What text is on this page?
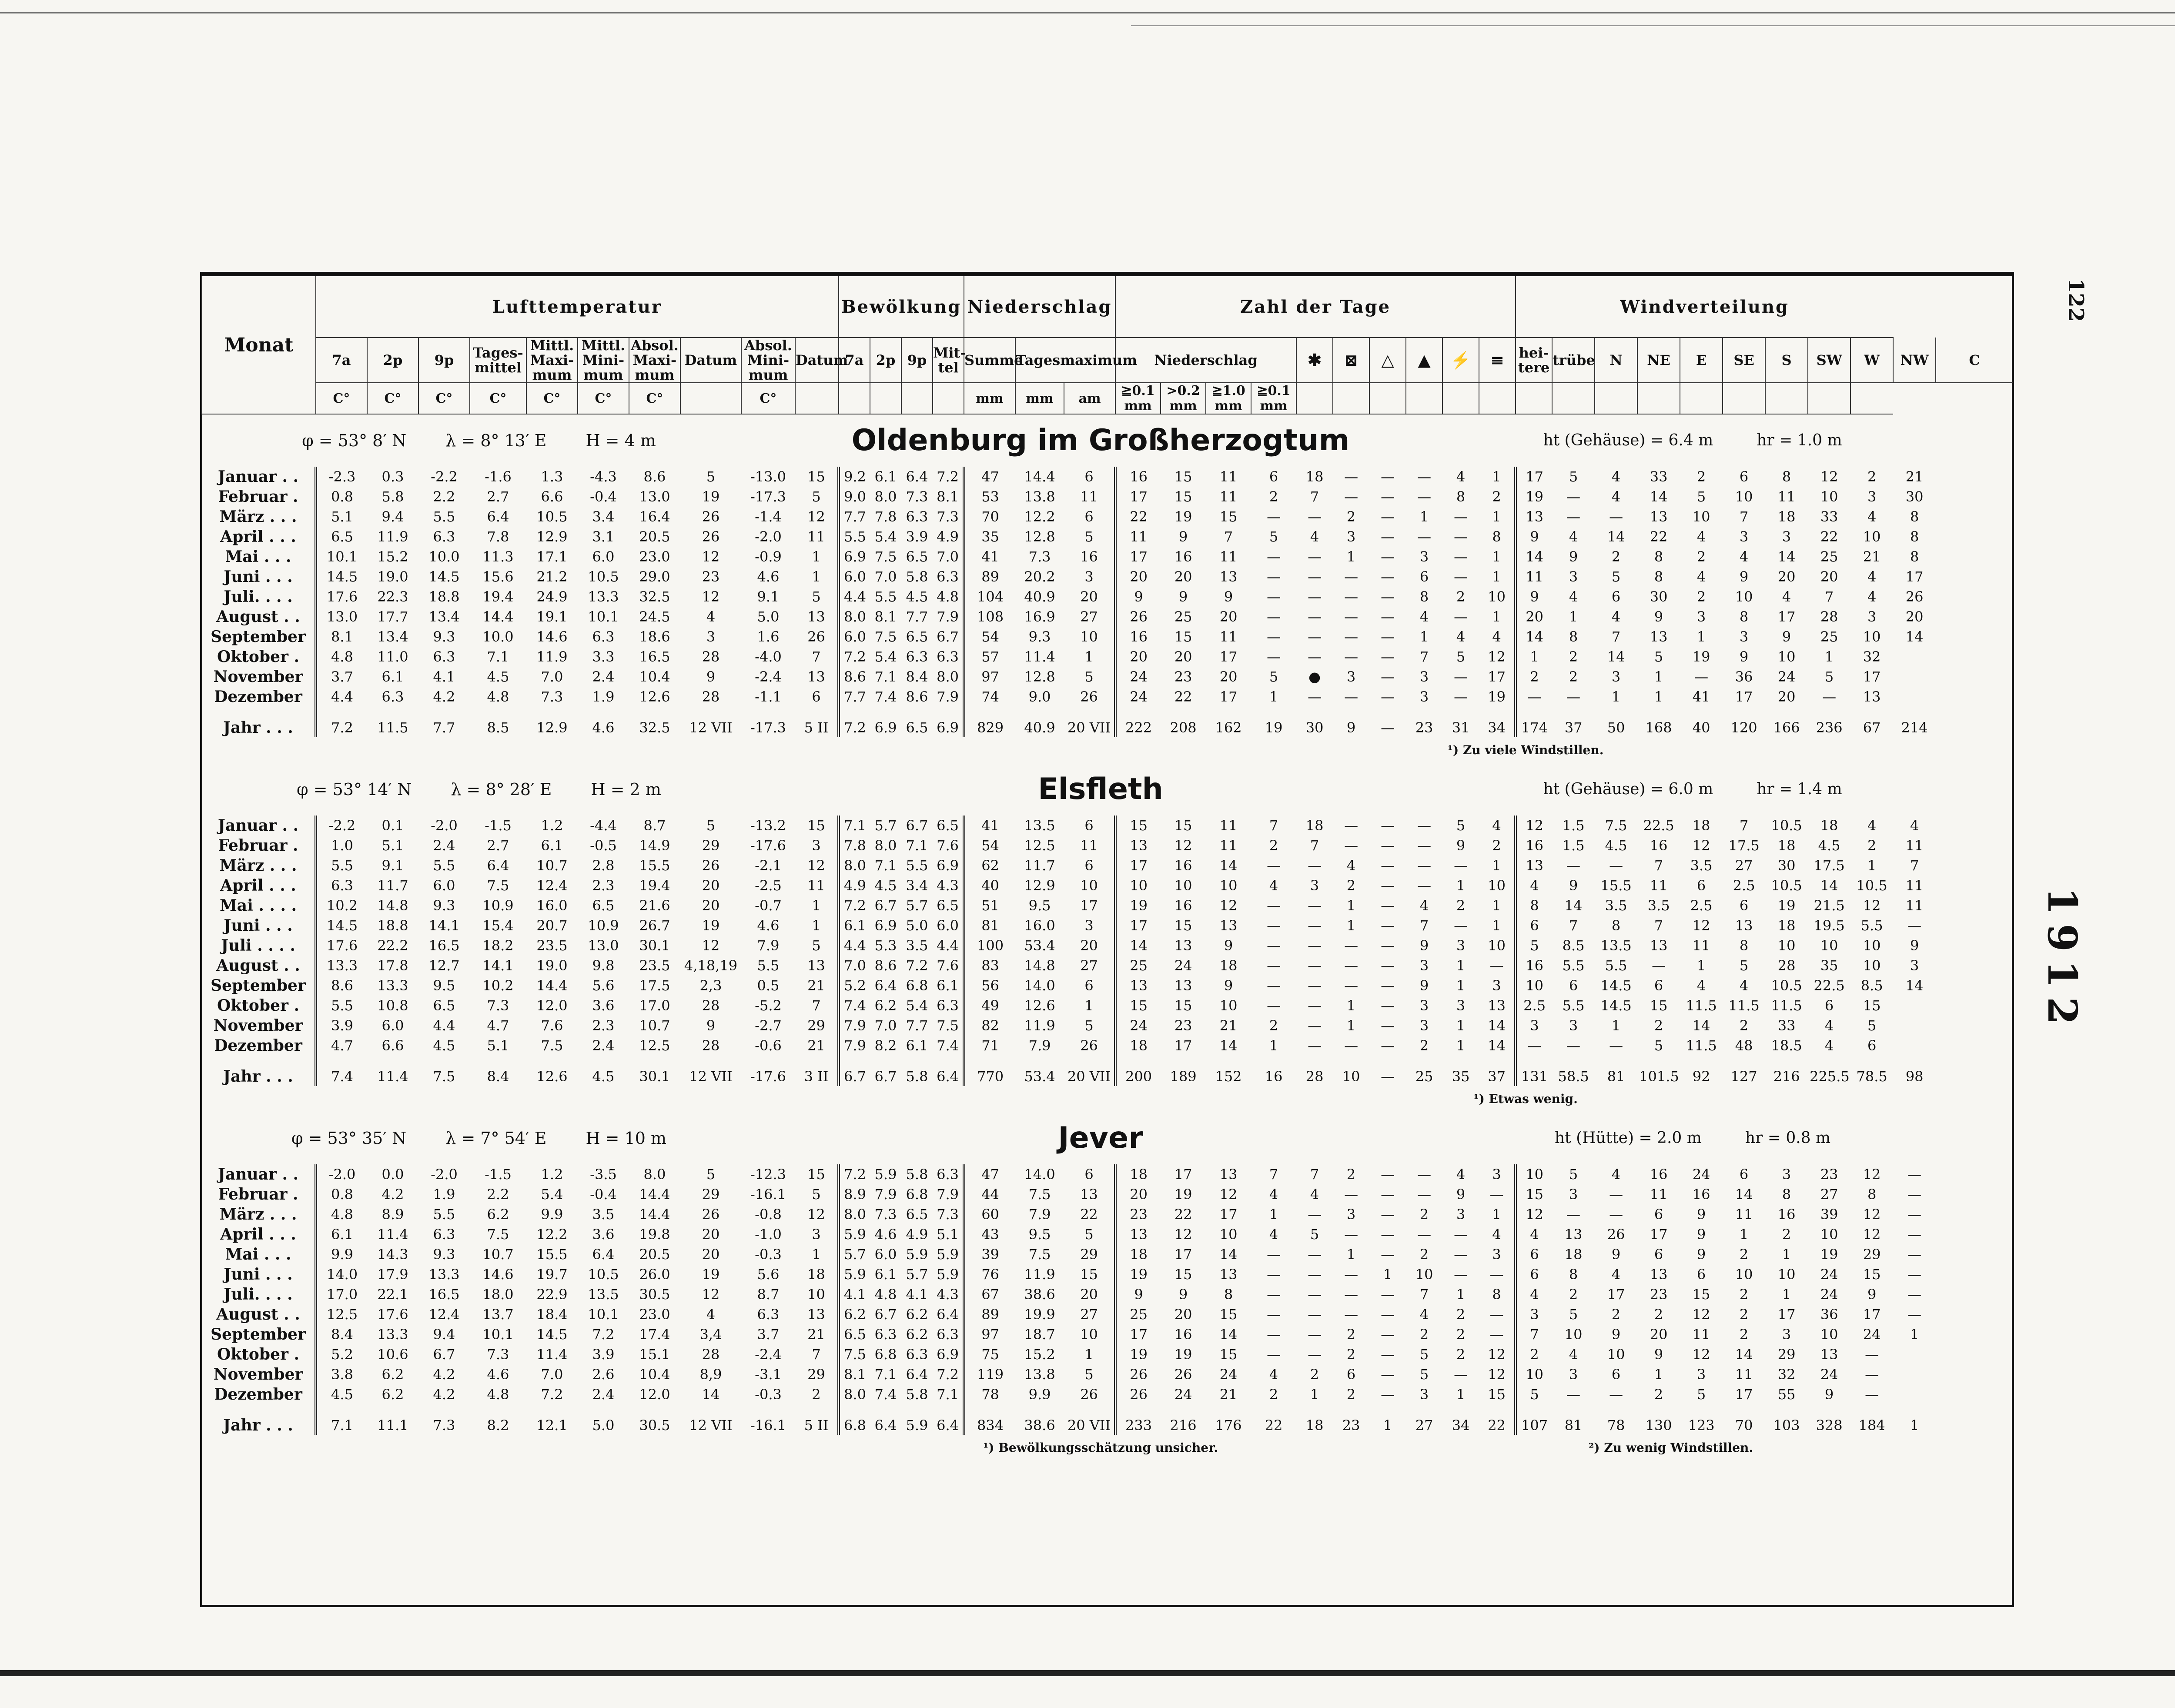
122
1912
Monat	Lufttemperatur										Bewölkung				Niederschlag			Zahl der Tage										Windverteilung										
	7a	2p	9p	Tages-mittel	Mittl. Maxi-mum	Mittl. Mini-mum	Absol. Maxi-mum	Datum	Absol. Mini-mum	Datum	7a	2p	9p	Mit-tel	Summe	Tagesmaximum		Niederschlag				✱	⊠	△	▲	⚡	≡	hei-tere	trübe	N	NE	E	SE	S	SW	W	NW	C
	C°	C°	C°	C°	C°	C°	C°		C°						mm	mm	am	≧0.1 mm	>0.2 mm	≧1.0 mm	≧0.1 mm																	
φ = 53° 8′ N λ = 8° 13′ E H = 4 m										Oldenburg im Großherzogtum															ht (Gehäuse) = 6.4 m hr = 1.0 m													
Januar . .	-2.3	0.3	-2.2	-1.6	1.3	-4.3	8.6	5	-13.0	15	9.2	6.1	6.4	7.2	47	14.4	6	16	15	11	6	18	—	—	—	4	1	17	5	4	33	2	6	8	12	2	21	
Februar .	0.8	5.8	2.2	2.7	6.6	-0.4	13.0	19	-17.3	5	9.0	8.0	7.3	8.1	53	13.8	11	17	15	11	2	7	—	—	—	8	2	19	—	4	14	5	10	11	10	3	30	
März . . .	5.1	9.4	5.5	6.4	10.5	3.4	16.4	26	-1.4	12	7.7	7.8	6.3	7.3	70	12.2	6	22	19	15	—	—	2	—	1	—	1	13	—	—	13	10	7	18	33	4	8	
April . . .	6.5	11.9	6.3	7.8	12.9	3.1	20.5	26	-2.0	11	5.5	5.4	3.9	4.9	35	12.8	5	11	9	7	5	4	3	—	—	—	8	9	4	14	22	4	3	3	22	10	8	
Mai . . .	10.1	15.2	10.0	11.3	17.1	6.0	23.0	12	-0.9	1	6.9	7.5	6.5	7.0	41	7.3	16	17	16	11	—	—	1	—	3	—	1	14	9	2	8	2	4	14	25	21	8	
Juni . . .	14.5	19.0	14.5	15.6	21.2	10.5	29.0	23	4.6	1	6.0	7.0	5.8	6.3	89	20.2	3	20	20	13	—	—	—	—	6	—	1	11	3	5	8	4	9	20	20	4	17	
Juli. . . .	17.6	22.3	18.8	19.4	24.9	13.3	32.5	12	9.1	5	4.4	5.5	4.5	4.8	104	40.9	20	9	9	9	—	—	—	—	8	2	10	9	4	6	30	2	10	4	7	4	26	
August . .	13.0	17.7	13.4	14.4	19.1	10.1	24.5	4	5.0	13	8.0	8.1	7.7	7.9	108	16.9	27	26	25	20	—	—	—	—	4	—	1	20	1	4	9	3	8	17	28	3	20	
September	8.1	13.4	9.3	10.0	14.6	6.3	18.6	3	1.6	26	6.0	7.5	6.5	6.7	54	9.3	10	16	15	11	—	—	—	—	1	4	4	14	8	7	13	1	3	9	25	10	14	
Oktober .	4.8	11.0	6.3	7.1	11.9	3.3	16.5	28	-4.0	7	7.2	5.4	6.3	6.3	57	11.4	1	20	20	17	—	—	—	—	7	5	12	1	2	14	5	19	9	10	1	32		
November	3.7	6.1	4.1	4.5	7.0	2.4	10.4	9	-2.4	13	8.6	7.1	8.4	8.0	97	12.8	5	24	23	20	5	●	3	—	3	—	17	2	2	3	1	—	36	24	5	17		
Dezember	4.4	6.3	4.2	4.8	7.3	1.9	12.6	28	-1.1	6	7.7	7.4	8.6	7.9	74	9.0	26	24	22	17	1	—	—	—	3	—	19	—	—	1	1	41	17	20	—	13		
Jahr . . .	7.2	11.5	7.7	8.5	12.9	4.6	32.5	12 VII	-17.3	5 II	7.2	6.9	6.5	6.9	829	40.9	20 VII	222	208	162	19	30	9	—	23	31	34	174	37	50	168	40	120	166	236	67	214	
																		¹) Zu viele Windstillen.																				
φ = 53° 14′ N λ = 8° 28′ E H = 2 m										Elsfleth															ht (Gehäuse) = 6.0 m hr = 1.4 m													
Januar . .	-2.2	0.1	-2.0	-1.5	1.2	-4.4	8.7	5	-13.2	15	7.1	5.7	6.7	6.5	41	13.5	6	15	15	11	7	18	—	—	—	5	4	12	1.5	7.5	22.5	18	7	10.5	18	4	4	
Februar .	1.0	5.1	2.4	2.7	6.1	-0.5	14.9	29	-17.6	3	7.8	8.0	7.1	7.6	54	12.5	11	13	12	11	2	7	—	—	—	9	2	16	1.5	4.5	16	12	17.5	18	4.5	2	11	
März . . .	5.5	9.1	5.5	6.4	10.7	2.8	15.5	26	-2.1	12	8.0	7.1	5.5	6.9	62	11.7	6	17	16	14	—	—	4	—	—	—	1	13	—	—	7	3.5	27	30	17.5	1	7	
April . . .	6.3	11.7	6.0	7.5	12.4	2.3	19.4	20	-2.5	11	4.9	4.5	3.4	4.3	40	12.9	10	10	10	10	4	3	2	—	—	1	10	4	9	15.5	11	6	2.5	10.5	14	10.5	11	
Mai . . . .	10.2	14.8	9.3	10.9	16.0	6.5	21.6	20	-0.7	1	7.2	6.7	5.7	6.5	51	9.5	17	19	16	12	—	—	1	—	4	2	1	8	14	3.5	3.5	2.5	6	19	21.5	12	11	
Juni . . .	14.5	18.8	14.1	15.4	20.7	10.9	26.7	19	4.6	1	6.1	6.9	5.0	6.0	81	16.0	3	17	15	13	—	—	1	—	7	—	1	6	7	8	7	12	13	18	19.5	5.5	—	
Juli . . . .	17.6	22.2	16.5	18.2	23.5	13.0	30.1	12	7.9	5	4.4	5.3	3.5	4.4	100	53.4	20	14	13	9	—	—	—	—	9	3	10	5	8.5	13.5	13	11	8	10	10	10	9	
August . .	13.3	17.8	12.7	14.1	19.0	9.8	23.5	4,18,19	5.5	13	7.0	8.6	7.2	7.6	83	14.8	27	25	24	18	—	—	—	—	3	1	—	16	5.5	5.5	—	1	5	28	35	10	3	
September	8.6	13.3	9.5	10.2	14.4	5.6	17.5	2,3	0.5	21	5.2	6.4	6.8	6.1	56	14.0	6	13	13	9	—	—	—	—	9	1	3	10	6	14.5	6	4	4	10.5	22.5	8.5	14	
Oktober .	5.5	10.8	6.5	7.3	12.0	3.6	17.0	28	-5.2	7	7.4	6.2	5.4	6.3	49	12.6	1	15	15	10	—	—	1	—	3	3	13	2.5	5.5	14.5	15	11.5	11.5	11.5	6	15		
November	3.9	6.0	4.4	4.7	7.6	2.3	10.7	9	-2.7	29	7.9	7.0	7.7	7.5	82	11.9	5	24	23	21	2	—	1	—	3	1	14	3	3	1	2	14	2	33	4	5		
Dezember	4.7	6.6	4.5	5.1	7.5	2.4	12.5	28	-0.6	21	7.9	8.2	6.1	7.4	71	7.9	26	18	17	14	1	—	—	—	2	1	14	—	—	—	5	11.5	48	18.5	4	6		
Jahr . . .	7.4	11.4	7.5	8.4	12.6	4.5	30.1	12 VII	-17.6	3 II	6.7	6.7	5.8	6.4	770	53.4	20 VII	200	189	152	16	28	10	—	25	35	37	131	58.5	81	101.5	92	127	216	225.5	78.5	98	
																		¹) Etwas wenig.																				
φ = 53° 35′ N λ = 7° 54′ E H = 10 m										Jever															ht (Hütte) = 2.0 m hr = 0.8 m													
Januar . .	-2.0	0.0	-2.0	-1.5	1.2	-3.5	8.0	5	-12.3	15	7.2	5.9	5.8	6.3	47	14.0	6	18	17	13	7	7	2	—	—	4	3	10	5	4	16	24	6	3	23	12	—	
Februar .	0.8	4.2	1.9	2.2	5.4	-0.4	14.4	29	-16.1	5	8.9	7.9	6.8	7.9	44	7.5	13	20	19	12	4	4	—	—	—	9	—	15	3	—	11	16	14	8	27	8	—	
März . . .	4.8	8.9	5.5	6.2	9.9	3.5	14.4	26	-0.8	12	8.0	7.3	6.5	7.3	60	7.9	22	23	22	17	1	—	3	—	2	3	1	12	—	—	6	9	11	16	39	12	—	
April . . .	6.1	11.4	6.3	7.5	12.2	3.6	19.8	20	-1.0	3	5.9	4.6	4.9	5.1	43	9.5	5	13	12	10	4	5	—	—	—	—	4	4	13	26	17	9	1	2	10	12	—	
Mai . . .	9.9	14.3	9.3	10.7	15.5	6.4	20.5	20	-0.3	1	5.7	6.0	5.9	5.9	39	7.5	29	18	17	14	—	—	1	—	2	—	3	6	18	9	6	9	2	1	19	29	—	
Juni . . .	14.0	17.9	13.3	14.6	19.7	10.5	26.0	19	5.6	18	5.9	6.1	5.7	5.9	76	11.9	15	19	15	13	—	—	—	1	10	—	—	6	8	4	13	6	10	10	24	15	—	
Juli. . . .	17.0	22.1	16.5	18.0	22.9	13.5	30.5	12	8.7	10	4.1	4.8	4.1	4.3	67	38.6	20	9	9	8	—	—	—	—	7	1	8	4	2	17	23	15	2	1	24	9	—	
August . .	12.5	17.6	12.4	13.7	18.4	10.1	23.0	4	6.3	13	6.2	6.7	6.2	6.4	89	19.9	27	25	20	15	—	—	—	—	4	2	—	3	5	2	2	12	2	17	36	17	—	
September	8.4	13.3	9.4	10.1	14.5	7.2	17.4	3,4	3.7	21	6.5	6.3	6.2	6.3	97	18.7	10	17	16	14	—	—	2	—	2	2	—	7	10	9	20	11	2	3	10	24	1	
Oktober .	5.2	10.6	6.7	7.3	11.4	3.9	15.1	28	-2.4	7	7.5	6.8	6.3	6.9	75	15.2	1	19	19	15	—	—	2	—	5	2	12	2	4	10	9	12	14	29	13	—		
November	3.8	6.2	4.2	4.6	7.0	2.6	10.4	8,9	-3.1	29	8.1	7.1	6.4	7.2	119	13.8	5	26	26	24	4	2	6	—	5	—	12	10	3	6	1	3	11	32	24	—		
Dezember	4.5	6.2	4.2	4.8	7.2	2.4	12.0	14	-0.3	2	8.0	7.4	5.8	7.1	78	9.9	26	26	24	21	2	1	2	—	3	1	15	5	—	—	2	5	17	55	9	—		
Jahr . . .	7.1	11.1	7.3	8.2	12.1	5.0	30.5	12 VII	-16.1	5 II	6.8	6.4	5.9	6.4	834	38.6	20 VII	233	216	176	22	18	23	1	27	34	22	107	81	78	130	123	70	103	328	184	1	
										¹) Bewölkungsschätzung unsicher.															²) Zu wenig Windstillen.													
